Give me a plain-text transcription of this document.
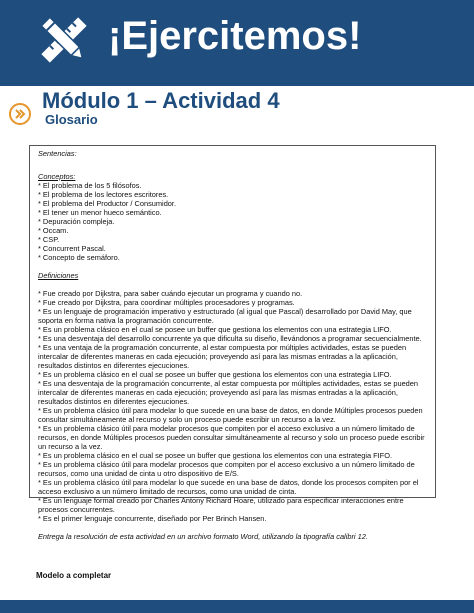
¡Ejercitemos!
Módulo 1 – Actividad 4
Glosario

Sentencias:

Conceptos:

* El problema de los 5 filósofos.

* El problema de los lectores escritores.

* El problema del Productor / Consumidor.

* El tener un menor hueco semántico.

* Depuración compleja.

* Occam.

* CSP.

* Concurrent Pascal.

* Concepto de semáforo.

Definiciones

* Fue creado por Dijkstra, para saber cuándo ejecutar un programa y cuando no.

* Fue creado por Dijkstra, para coordinar múltiples procesadores y programas.

* Es un lenguaje de programación imperativo y estructurado (al igual que Pascal) desarrollado por David May, que soporta en forma nativa la programación concurrente.

* Es un problema clásico en el cual se posee un buffer que gestiona los elementos con una estrategia LIFO.

* Es una desventaja del desarrollo concurrente ya que dificulta su diseño, llevándonos a programar secuencialmente.

* Es una ventaja de la programación concurrente, al estar compuesta por múltiples actividades, estas se pueden intercalar de diferentes maneras en cada ejecución; proveyendo así para las mismas entradas a la aplicación, resultados distintos en diferentes ejecuciones.

* Es un problema clásico en el cual se posee un buffer que gestiona los elementos con una estrategia LIFO.

* Es una desventaja de la programación concurrente, al estar compuesta por múltiples actividades, estas se pueden intercalar de diferentes maneras en cada ejecución; proveyendo así para las mismas entradas a la aplicación, resultados distintos en diferentes ejecuciones.

* Es un problema clásico útil para modelar lo que sucede en una base de datos, en donde Múltiples procesos pueden consultar simultáneamente al recurso y solo un proceso puede escribir un recurso a la vez.

* Es un problema clásico útil para modelar procesos que compiten por el acceso exclusivo a un número limitado de recursos, en donde Múltiples procesos pueden consultar simultáneamente al recurso y solo un proceso puede escribir un recurso a la vez.

* Es un problema clásico en el cual se posee un buffer que gestiona los elementos con una estrategia FIFO.

* Es un problema clásico útil para modelar procesos que compiten por el acceso exclusivo a un número limitado de recursos, como una unidad de cinta u otro dispositivo de E/S.

* Es un problema clásico útil para modelar lo que sucede en una base de datos, donde los procesos compiten por el acceso exclusivo a un número limitado de recursos, como una unidad de cinta.

* Es un lenguaje formal creado por Charles Antony Richard Hoare, utilizado para especificar interacciones entre procesos concurrentes.

* Es el primer lenguaje concurrente, diseñado por Per Brinch Hansen.

Entrega la resolución de esta actividad en un archivo formato Word, utilizando la tipografía calibri 12.

Modelo a completar
